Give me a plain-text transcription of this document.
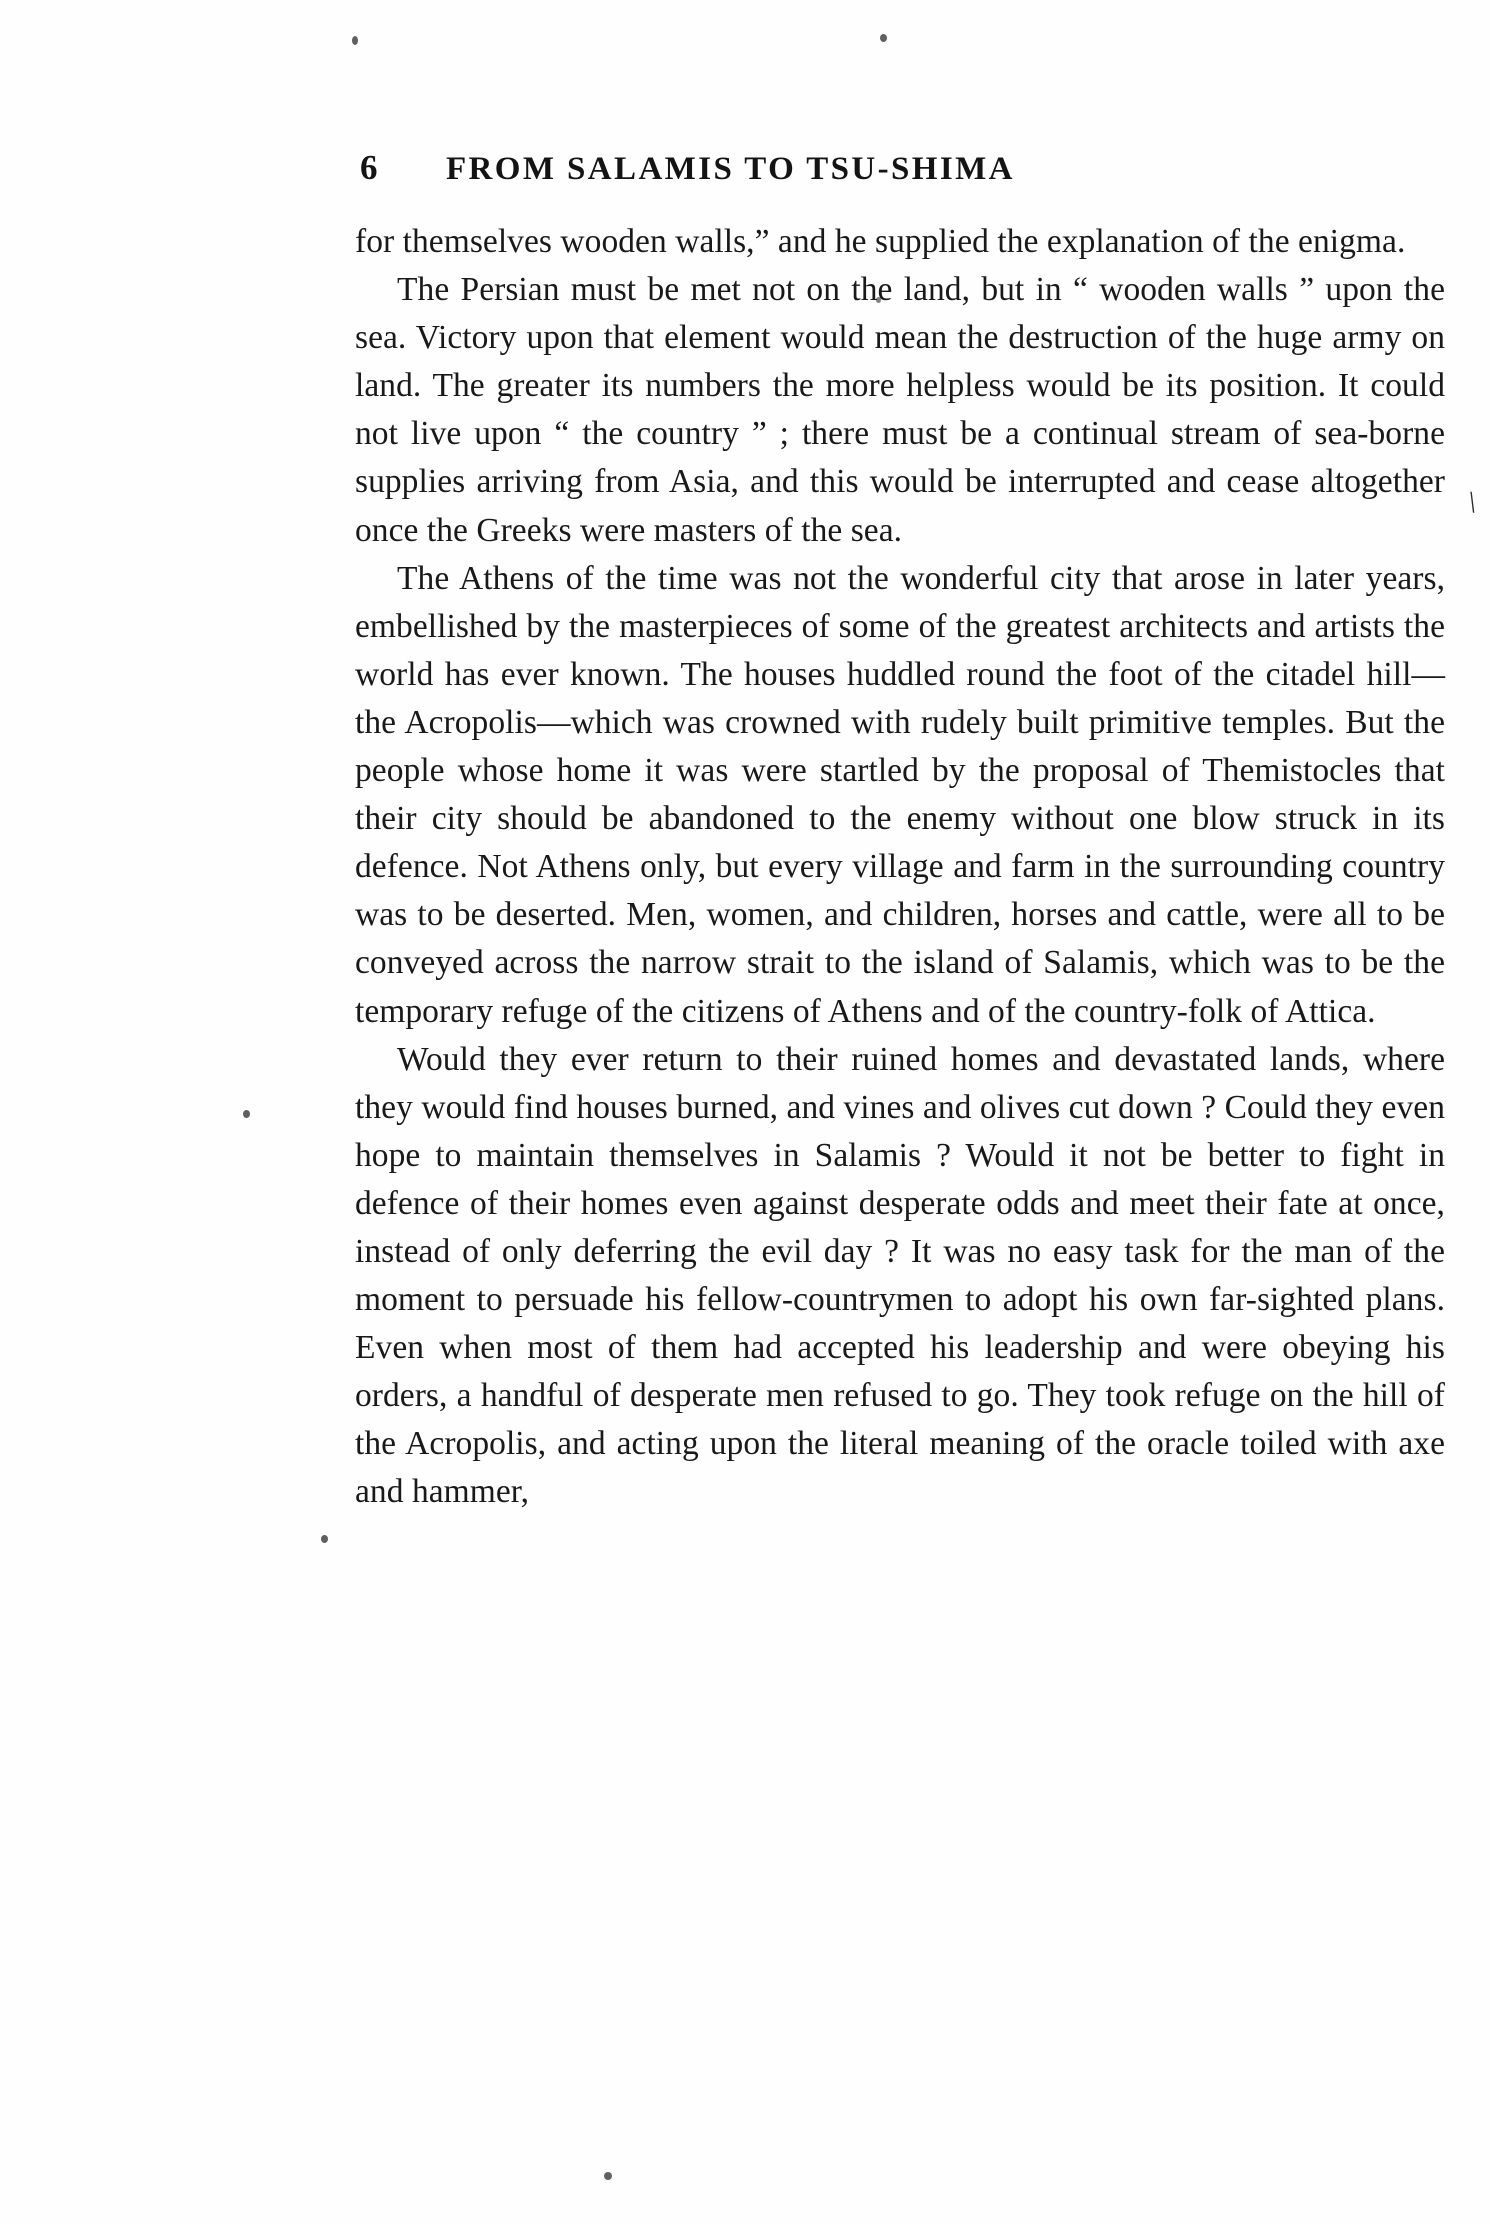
\
6	FROM SALAMIS TO TSU-SHIMA

for themselves wooden walls,” and he supplied the explanation of the enigma.

The Persian must be met not on the land, but in “ wooden walls ” upon the sea. Victory upon that element would mean the destruction of the huge army on land. The greater its numbers the more helpless would be its position. It could not live upon “ the country ” ; there must be a continual stream of sea-borne supplies arriving from Asia, and this would be interrupted and cease altogether once the Greeks were masters of the sea.

The Athens of the time was not the wonderful city that arose in later years, embellished by the masterpieces of some of the greatest architects and artists the world has ever known. The houses huddled round the foot of the citadel hill—the Acropolis—which was crowned with rudely built primitive temples. But the people whose home it was were startled by the proposal of Themistocles that their city should be abandoned to the enemy without one blow struck in its defence. Not Athens only, but every village and farm in the surrounding country was to be deserted. Men, women, and children, horses and cattle, were all to be conveyed across the narrow strait to the island of Salamis, which was to be the temporary refuge of the citizens of Athens and of the country-folk of Attica.

Would they ever return to their ruined homes and devastated lands, where they would find houses burned, and vines and olives cut down ? Could they even hope to maintain themselves in Salamis ? Would it not be better to fight in defence of their homes even against desperate odds and meet their fate at once, instead of only deferring the evil day ? It was no easy task for the man of the moment to persuade his fellow-countrymen to adopt his own far-sighted plans. Even when most of them had accepted his leadership and were obeying his orders, a handful of desperate men refused to go. They took refuge on the hill of the Acropolis, and acting upon the literal meaning of the oracle toiled with axe and hammer,
